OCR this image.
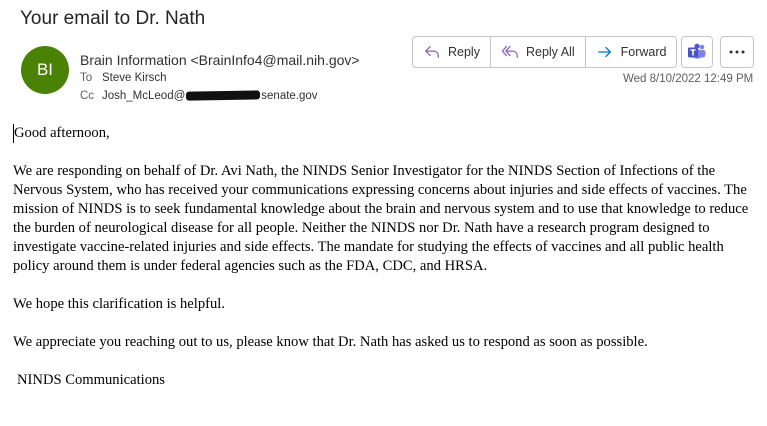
Your email to Dr. Nath
BI Brain Information <BrainInfo4@mail.nih.gov>
To Steve Kirsch
Cc Josh_McLeod@	senate.gov
Reply	Reply All	Forward
Wed 8/10/2022 12:49 PM

Good afternoon,

We are responding on behalf of Dr. Avi Nath, the NINDS Senior Investigator for the NINDS Section of Infections of the Nervous System, who has received your communications expressing concerns about injuries and side effects of vaccines. The mission of NINDS is to seek fundamental knowledge about the brain and nervous system and to use that knowledge to reduce the burden of neurological disease for all people. Neither the NINDS nor Dr. Nath have a research program designed to investigate vaccine-related injuries and side effects. The mandate for studying the effects of vaccines and all public health policy around them is under federal agencies such as the FDA, CDC, and HRSA.

We hope this clarification is helpful.

We appreciate you reaching out to us, please know that Dr. Nath has asked us to respond as soon as possible.

NINDS Communications
